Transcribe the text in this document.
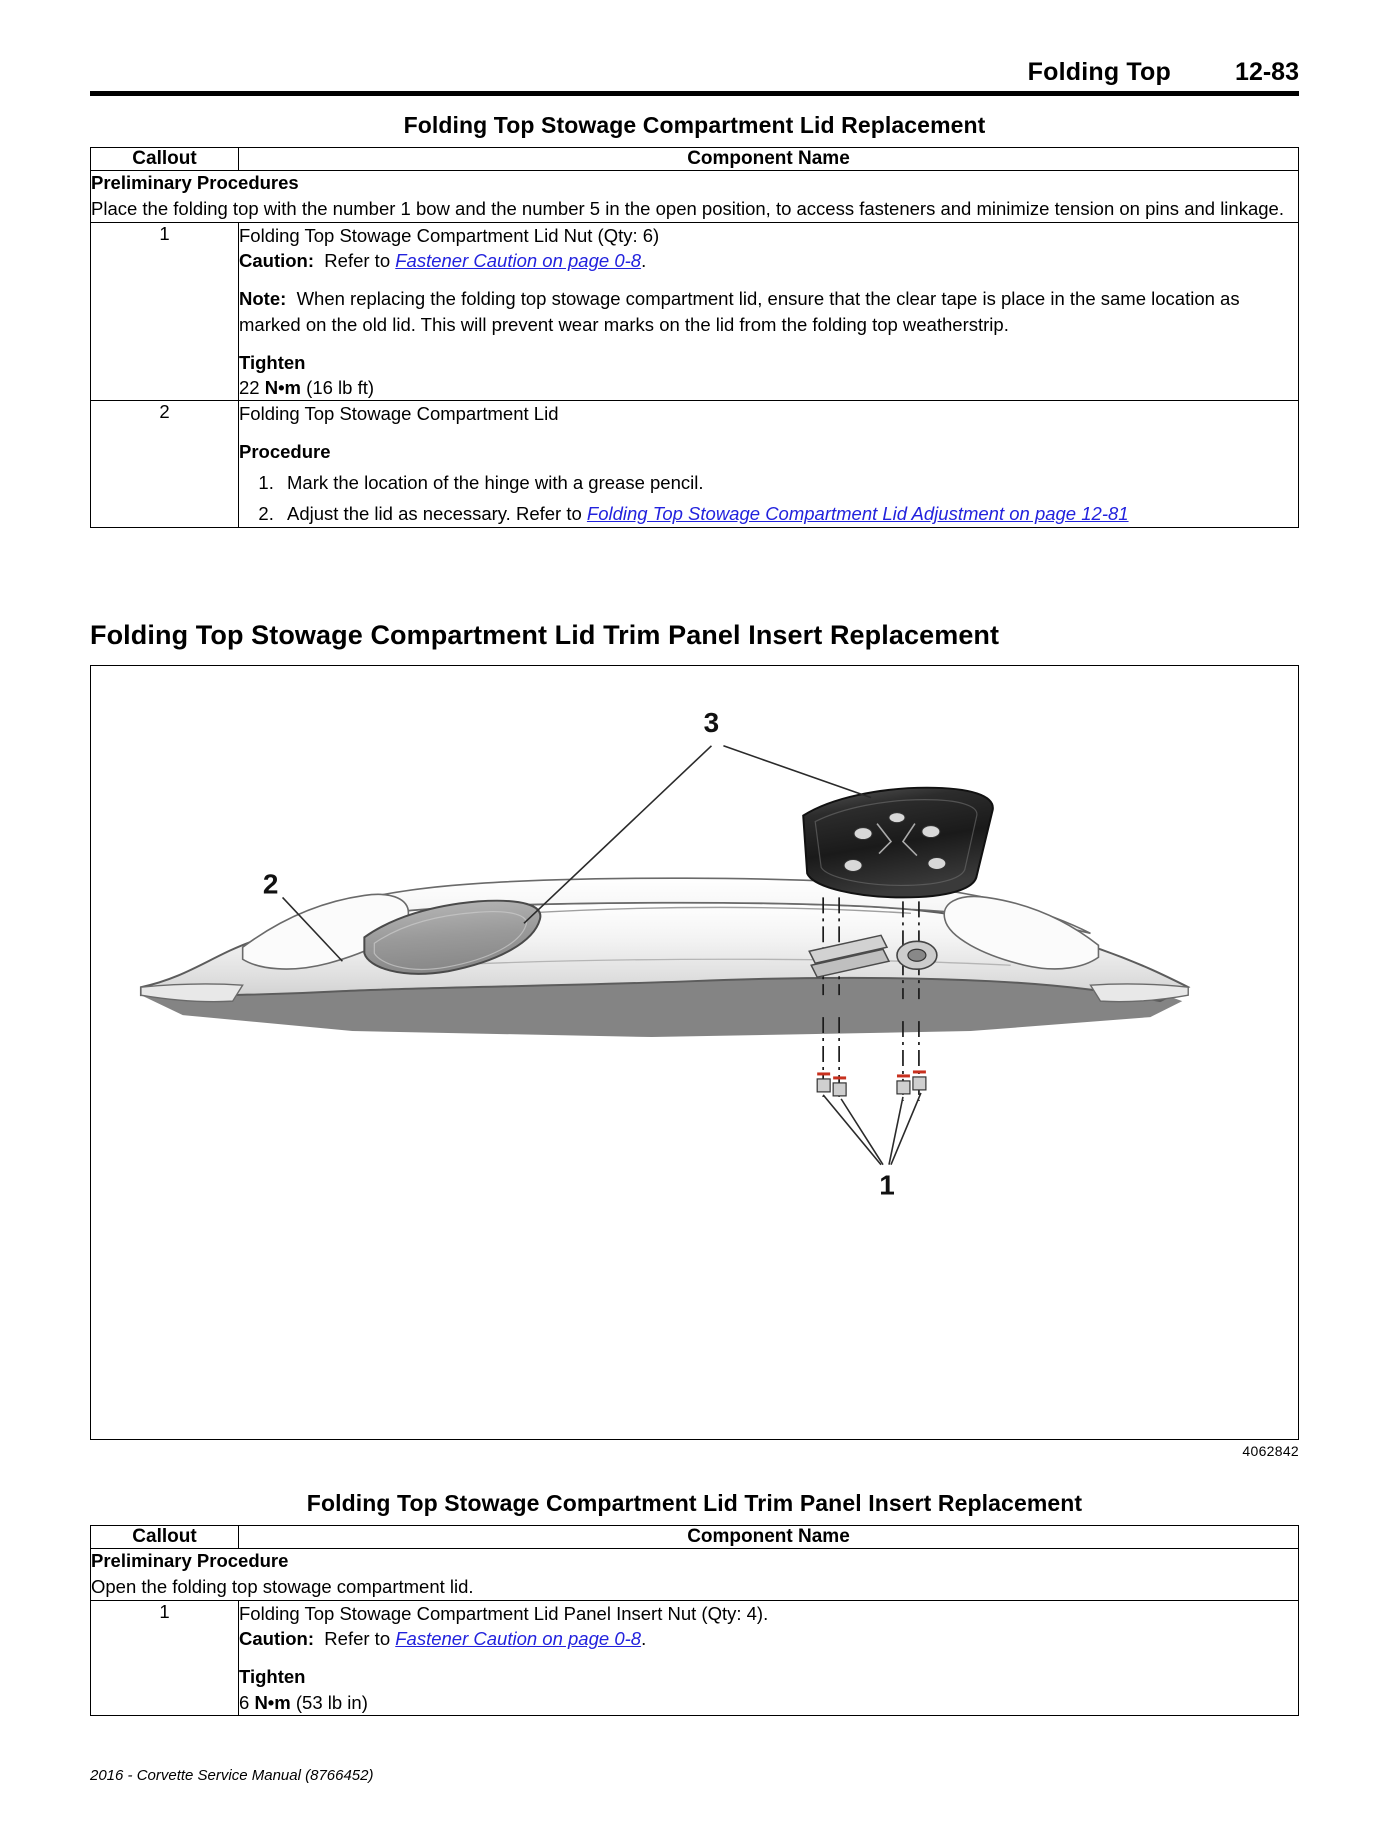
Folding Top	12-83
Folding Top Stowage Compartment Lid Replacement
Callout	Component Name

Preliminary Procedures
Place the folding top with the number 1 bow and the number 5 in the open position, to access fasteners and minimize tension on pins and linkage.	
1	Folding Top Stowage Compartment Lid Nut (Qty: 6)
Caution: Refer to Fastener Caution on page 0-8.
Note: When replacing the folding top stowage compartment lid, ensure that the clear tape is place in the same location as marked on the old lid. This will prevent wear marks on the lid from the folding top weatherstrip.
Tighten
22 N•m (16 lb ft)

2	Folding Top Stowage Compartment Lid
Procedure
1. Mark the location of the hinge with a grease pencil.
2. Adjust the lid as necessary. Refer to Folding Top Stowage Compartment Lid Adjustment on page 12-81
Folding Top Stowage Compartment Lid Trim Panel Insert Replacement
3
2
1
4062842
Folding Top Stowage Compartment Lid Trim Panel Insert Replacement
Callout	Component Name

Preliminary Procedure
Open the folding top stowage compartment lid.	
1	Folding Top Stowage Compartment Lid Panel Insert Nut (Qty: 4).
Caution: Refer to Fastener Caution on page 0-8.
Tighten
6 N•m (53 lb in)
2016 - Corvette Service Manual (8766452)
